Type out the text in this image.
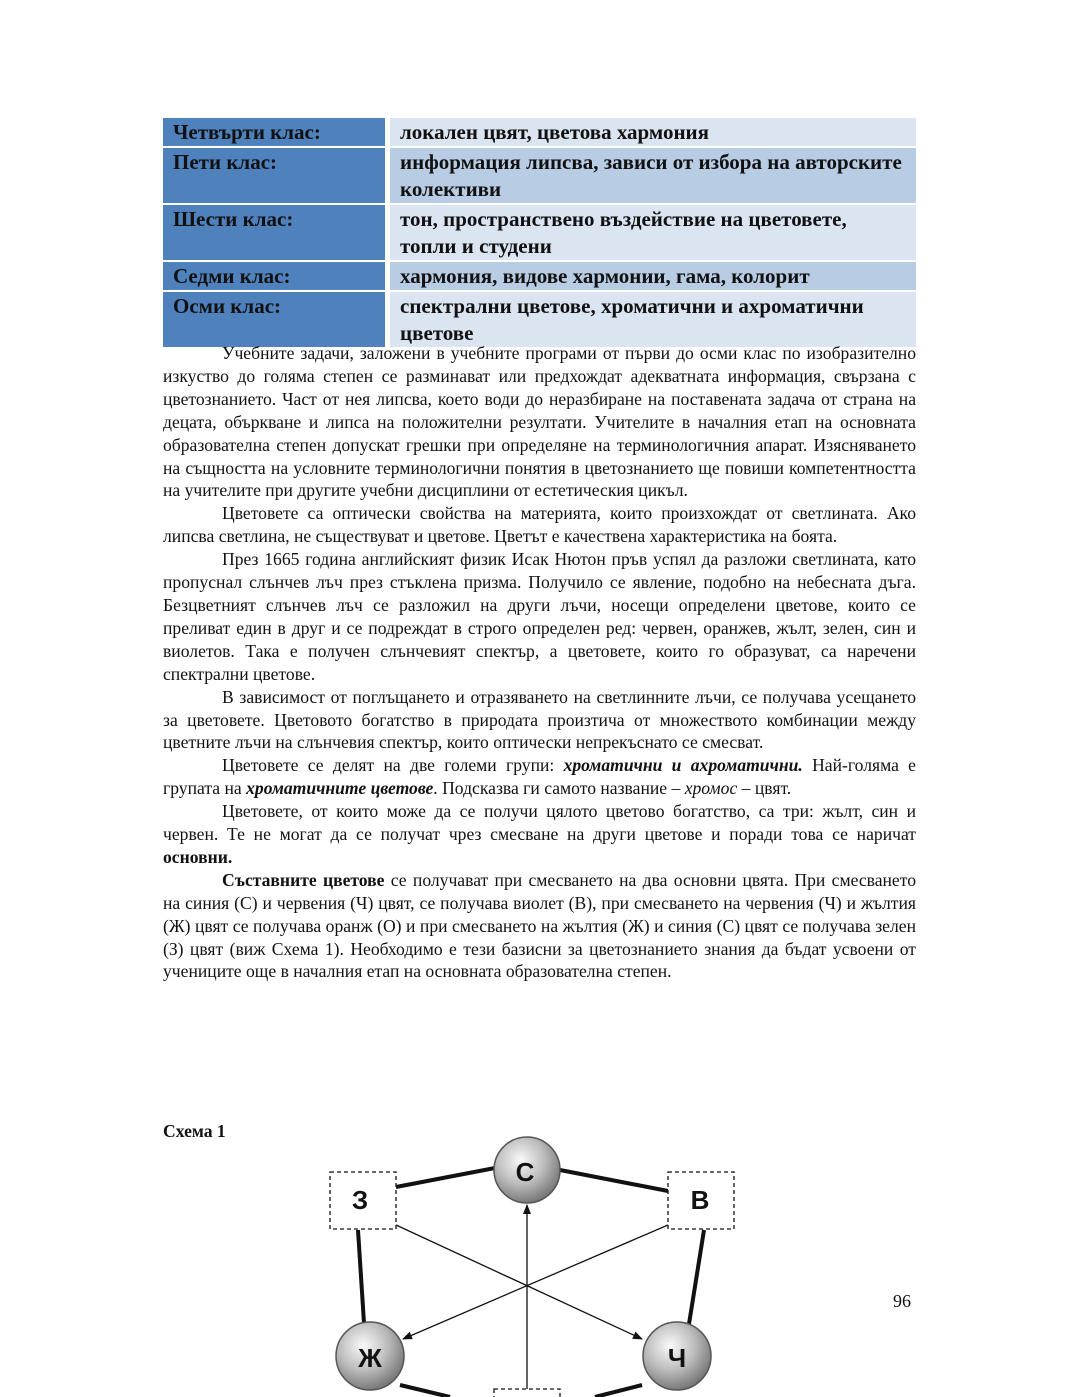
Четвърти клас:	локален цвят, цветова хармония
Пети клас:	информация липсва, зависи от избора на авторските колективи
Шести клас:	тон, пространствено въздействие на цветовете, топли и студени
Седми клас:	хармония, видове хармонии, гама, колорит
Осми клас:	спектрални цветове, хроматични и ахроматични цветове

Учебните задачи, заложени в учебните програми от първи до осми клас по изобразително изкуство до голяма степен се разминават или предхождат адекватната информация, свързана с цветознанието. Част от нея липсва, което води до неразбиране на поставената задача от страна на децата, объркване и липса на положителни резултати. Учителите в началния етап на основната образователна степен допускат грешки при определяне на терминологичния апарат. Изясняването на същността на условните терминологични понятия в цветознанието ще повиши компетентността на учителите при другите учебни дисциплини от естетическия цикъл.

Цветовете са оптически свойства на материята, които произхождат от светлината. Ако липсва светлина, не съществуват и цветове. Цветът е качествена характеристика на боята.

През 1665 година английският физик Исак Нютон пръв успял да разложи светлината, като пропуснал слънчев лъч през стъклена призма. Получило се явление, подобно на небесната дъга. Безцветният слънчев лъч се разложил на други лъчи, носещи определени цветове, които се преливат един в друг и се подреждат в строго определен ред: червен, оранжев, жълт, зелен, син и виолетов. Така е получен слънчевият спектър, а цветовете, които го образуват, са наречени спектрални цветове.

В зависимост от поглъщането и отразяването на светлинните лъчи, се получава усещането за цветовете. Цветовото богатство в природата произтича от множеството комбинации между цветните лъчи на слънчевия спектър, които оптически непрекъснато се смесват.

Цветовете се делят на две големи групи: хроматични и ахроматични. Най-голяма е групата на хроматичните цветове. Подсказва ги самото название – хромос – цвят.

Цветовете, от които може да се получи цялото цветово богатство, са три: жълт, син и червен. Те не могат да се получат чрез смесване на други цветове и поради това се наричат основни.

Съставните цветове се получават при смесването на два основни цвята. При смесването на синия (С) и червения (Ч) цвят, се получава виолет (В), при смесването на червения (Ч) и жълтия (Ж) цвят се получава оранж (О) и при смесването на жълтия (Ж) и синия (С) цвят се получава зелен (З) цвят (виж Схема 1). Необходимо е тези базисни за цветознанието знания да бъдат усвоени от учениците още в началния етап на основната образователна степен.

Схема 1
З	В
С
Ж	Ч
96
